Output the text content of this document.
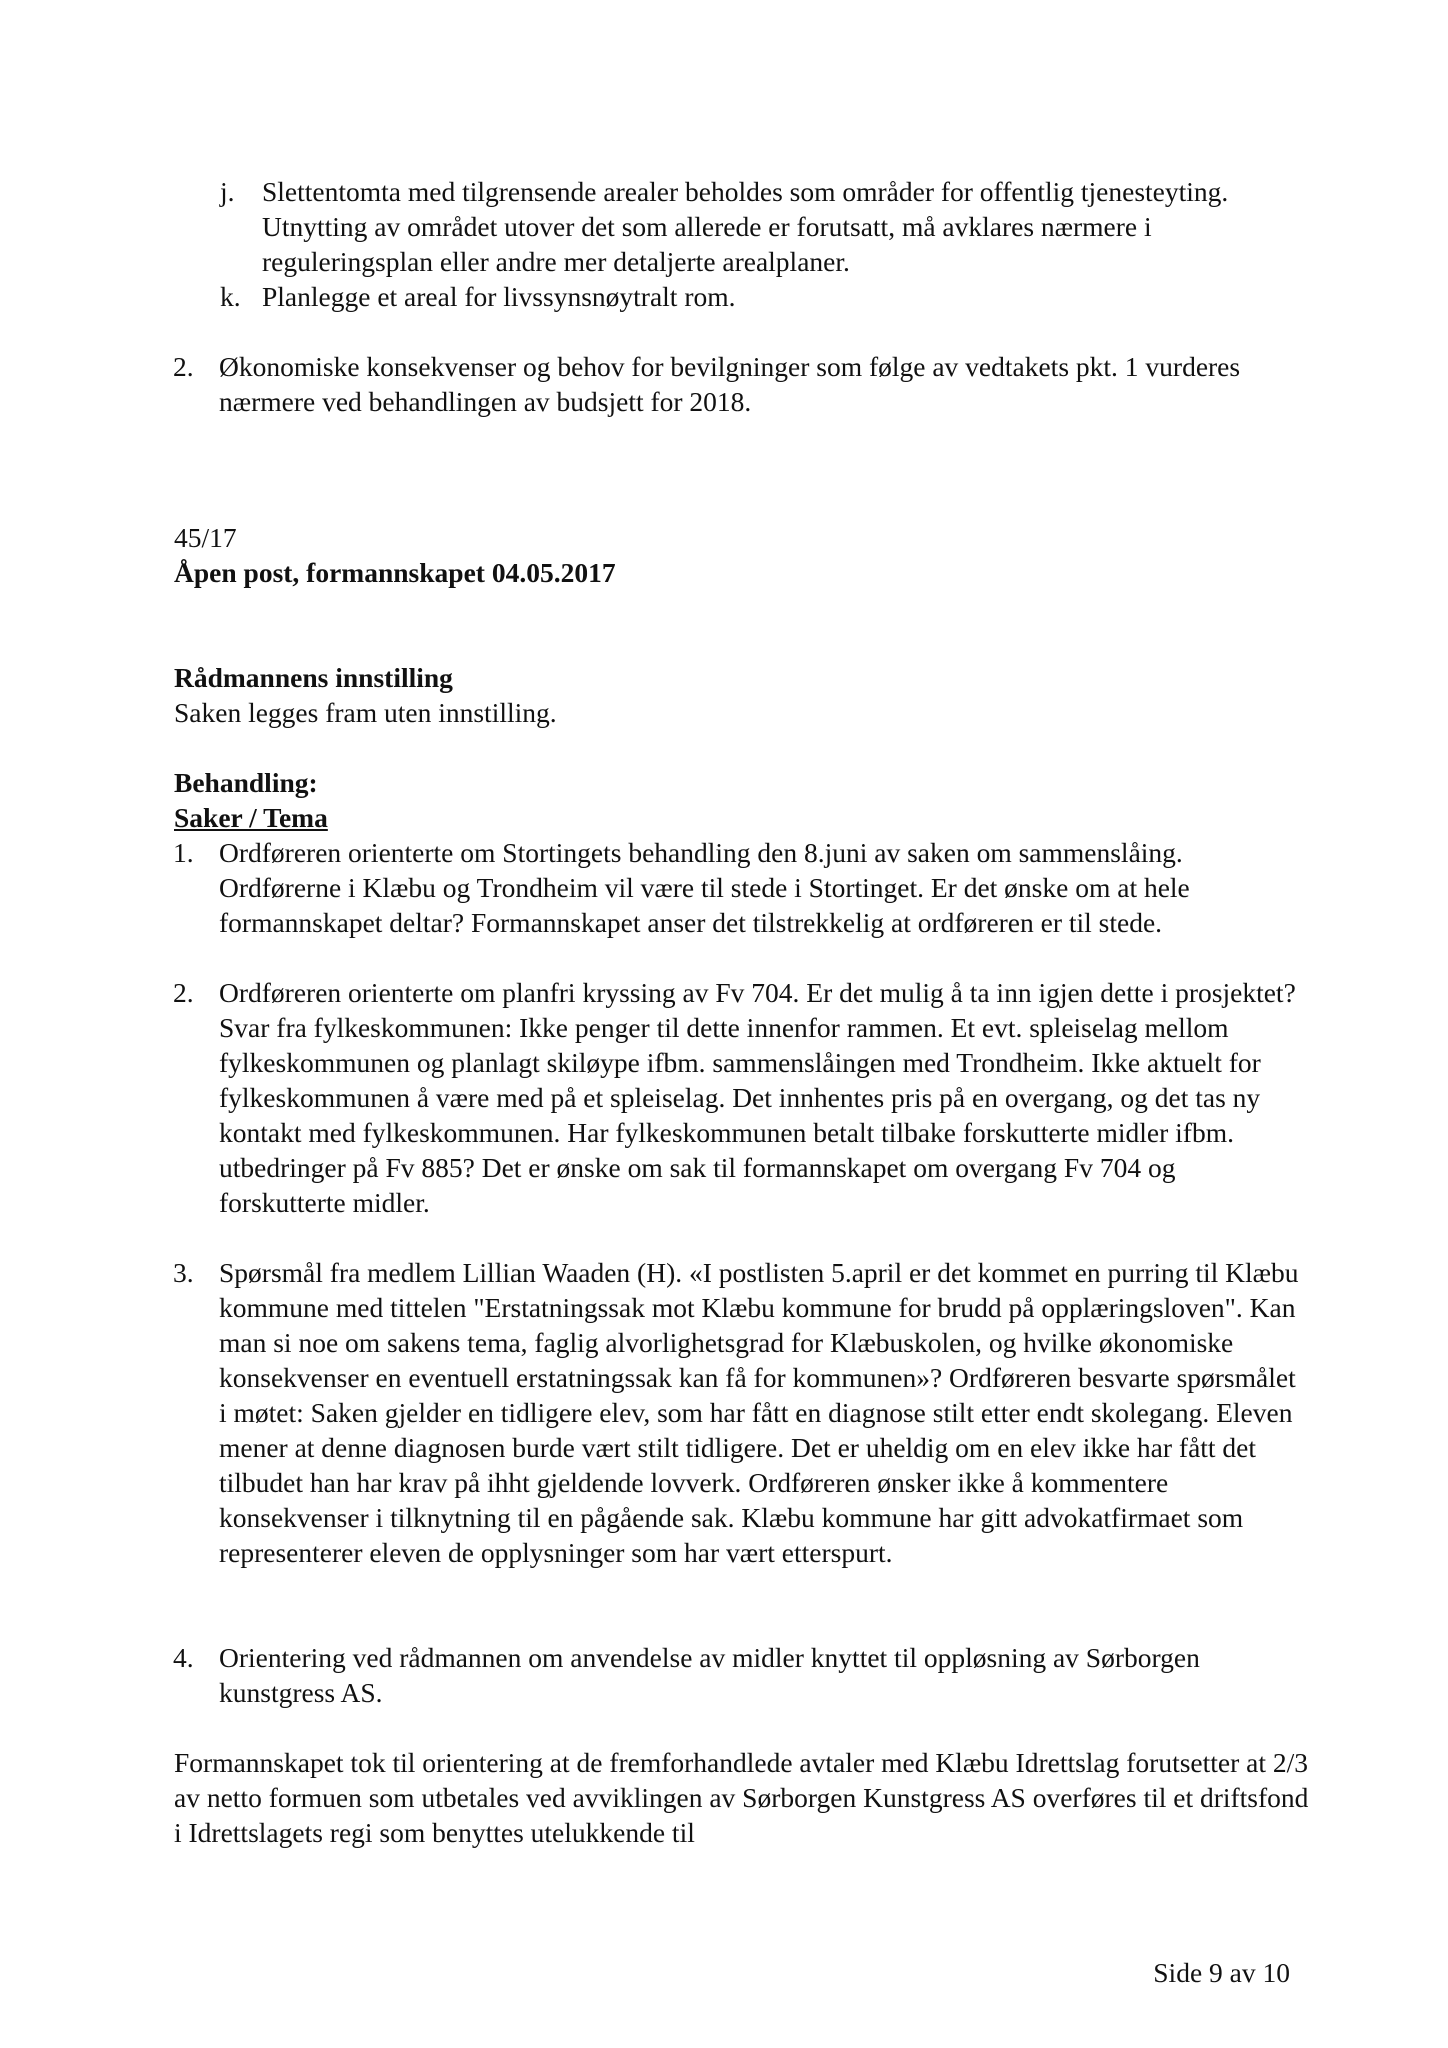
j. Slettentomta med tilgrensende arealer beholdes som områder for offentlig tjenesteyting. Utnytting av området utover det som allerede er forutsatt, må avklares nærmere i reguleringsplan eller andre mer detaljerte arealplaner.
k. Planlegge et areal for livssynsnøytralt rom.
2. Økonomiske konsekvenser og behov for bevilgninger som følge av vedtakets pkt. 1 vurderes nærmere ved behandlingen av budsjett for 2018.
45/17
Åpen post, formannskapet 04.05.2017
Rådmannens innstilling
Saken legges fram uten innstilling.
Behandling:
Saker / Tema
1. Ordføreren orienterte om Stortingets behandling den 8.juni av saken om sammenslåing. Ordførerne i Klæbu og Trondheim vil være til stede i Stortinget. Er det ønske om at hele formannskapet deltar? Formannskapet anser det tilstrekkelig at ordføreren er til stede.
2. Ordføreren orienterte om planfri kryssing av Fv 704. Er det mulig å ta inn igjen dette i prosjektet? Svar fra fylkeskommunen: Ikke penger til dette innenfor rammen. Et evt. spleiselag mellom fylkeskommunen og planlagt skiløype ifbm. sammenslåingen med Trondheim. Ikke aktuelt for fylkeskommunen å være med på et spleiselag. Det innhentes pris på en overgang, og det tas ny kontakt med fylkeskommunen. Har fylkeskommunen betalt tilbake forskutterte midler ifbm. utbedringer på Fv 885? Det er ønske om sak til formannskapet om overgang Fv 704 og forskutterte midler.
3. Spørsmål fra medlem Lillian Waaden (H). «I postlisten 5.april er det kommet en purring til Klæbu kommune med tittelen "Erstatningssak mot Klæbu kommune for brudd på opplæringsloven". Kan man si noe om sakens tema, faglig alvorlighetsgrad for Klæbuskolen, og hvilke økonomiske konsekvenser en eventuell erstatningssak kan få for kommunen»? Ordføreren besvarte spørsmålet i møtet: Saken gjelder en tidligere elev, som har fått en diagnose stilt etter endt skolegang. Eleven mener at denne diagnosen burde vært stilt tidligere. Det er uheldig om en elev ikke har fått det tilbudet han har krav på ihht gjeldende lovverk. Ordføreren ønsker ikke å kommentere konsekvenser i tilknytning til en pågående sak. Klæbu kommune har gitt advokatfirmaet som representerer eleven de opplysninger som har vært etterspurt.
4. Orientering ved rådmannen om anvendelse av midler knyttet til oppløsning av Sørborgen kunstgress AS.
Formannskapet tok til orientering at de fremforhandlede avtaler med Klæbu Idrettslag forutsetter at 2/3 av netto formuen som utbetales ved avviklingen av Sørborgen Kunstgress AS overføres til et driftsfond i Idrettslagets regi som benyttes utelukkende til
Side 9 av 10
